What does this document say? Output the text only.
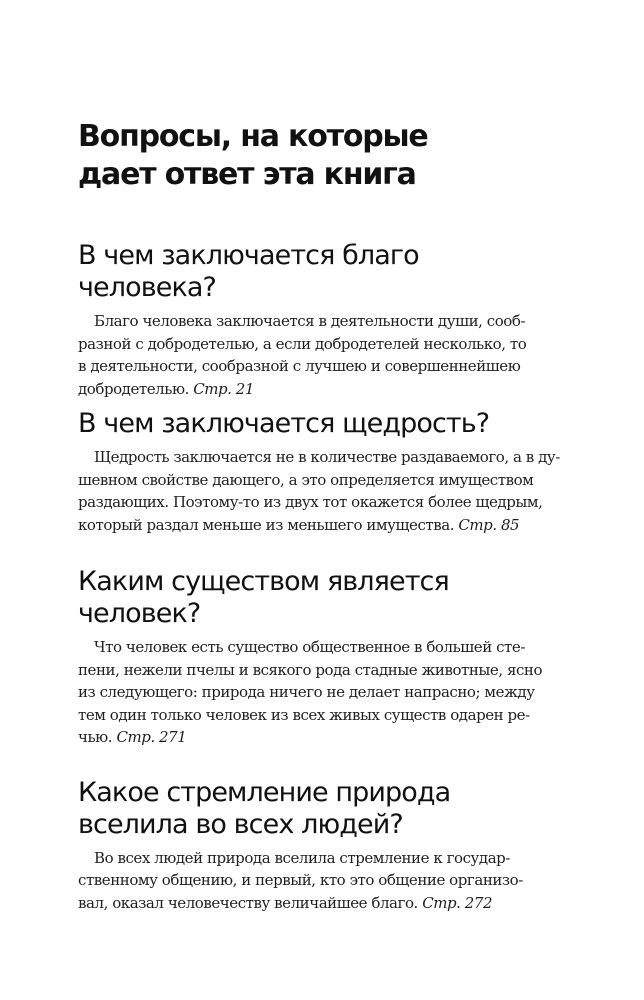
Вопросы, на которые
дает ответ эта книга
В чем заключается благо
человека?

Благо человека заключается в деятельности души, сооб-
разной с добродетелью, а если добродетелей несколько, то
в деятельности, сообразной с лучшею и совершеннейшею
добродетелью. Стр. 21

В чем заключается щедрость?

Щедрость заключается не в количестве раздаваемого, а в ду-
шевном свойстве дающего, а это определяется имуществом
раздающих. Поэтому-то из двух тот окажется более щедрым,
который раздал меньше из меньшего имущества. Стр. 85

Каким существом является
человек?

Что человек есть существо общественное в большей сте-
пени, нежели пчелы и всякого рода стадные животные, ясно
из следующего: природа ничего не делает напрасно; между
тем один только человек из всех живых существ одарен ре-
чью. Стр. 271

Какое стремление природа
вселила во всех людей?

Во всех людей природа вселила стремление к государ-
ственному общению, и первый, кто это общение организо-
вал, оказал человечеству величайшее благо. Стр. 272
